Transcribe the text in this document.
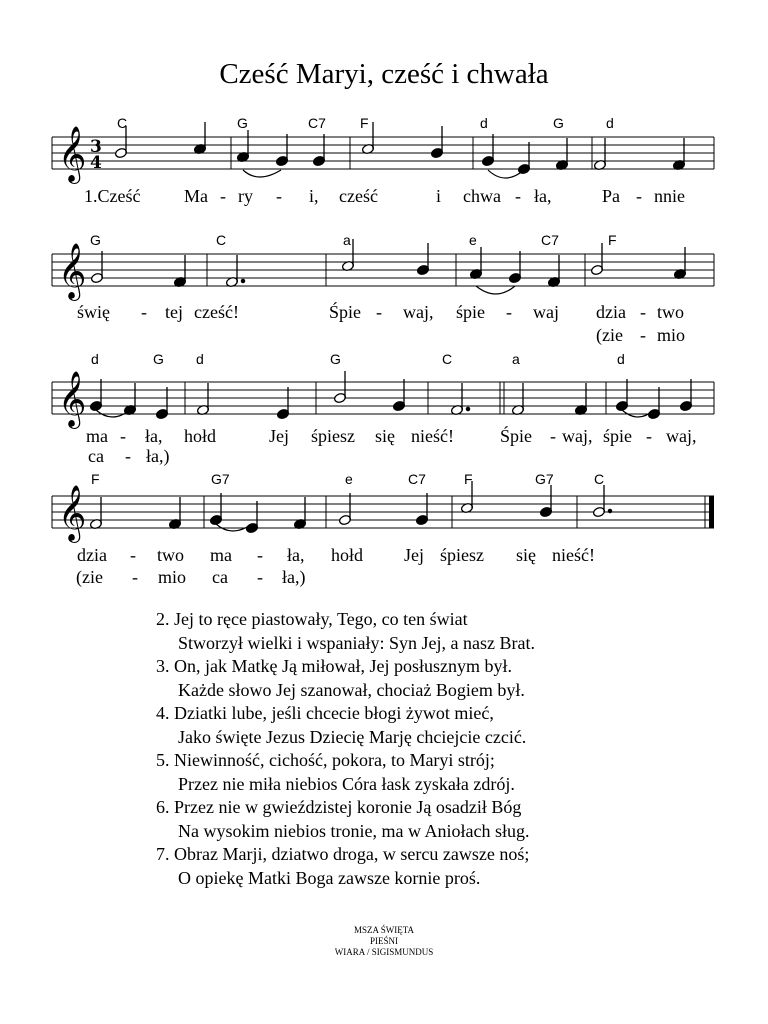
Cześć Maryi, cześć i chwała
𝄞
𝄞
𝄞
𝄞
3
4
C	G	C7 F	d	G	d
G	C	a	e	C7	F
d	G d	G	C	a	d
F	G7	e	C7	F	G7	C
1.Cześć Ma - ry - i, cześć	i chwa - ła,	Pa - nnie
świę - tej cześć!	Śpie - waj, śpie - waj dzia - two
(zie - mio
ma - ła, hołd	Jej śpiesz się nieść!	Śpie - waj, śpie - waj,
ca - ła,)
dzia - two ma - ła, hołd Jej śpiesz się nieść!
(zie - mio ca - ła,)

2. Jej to ręce piastowały, Tego, co ten świat
Stworzył wielki i wspaniały: Syn Jej, a nasz Brat.

3. On, jak Matkę Ją miłował, Jej posłusznym był.
Każde słowo Jej szanował, chociaż Bogiem był.

4. Dziatki lube, jeśli chcecie błogi żywot mieć,
Jako święte Jezus Dziecię Marję chciejcie czcić.

5. Niewinność, cichość, pokora, to Maryi strój;
Przez nie miła niebios Córa łask zyskała zdrój.

6. Przez nie w gwieździstej koronie Ją osadził Bóg
Na wysokim niebios tronie, ma w Aniołach sług.

7. Obraz Marji, dziatwo droga, w sercu zawsze noś;
O opiekę Matki Boga zawsze kornie proś.

MSZA ŚWIĘTA
PIEŚNI
WIARA / SIGISMUNDUS
